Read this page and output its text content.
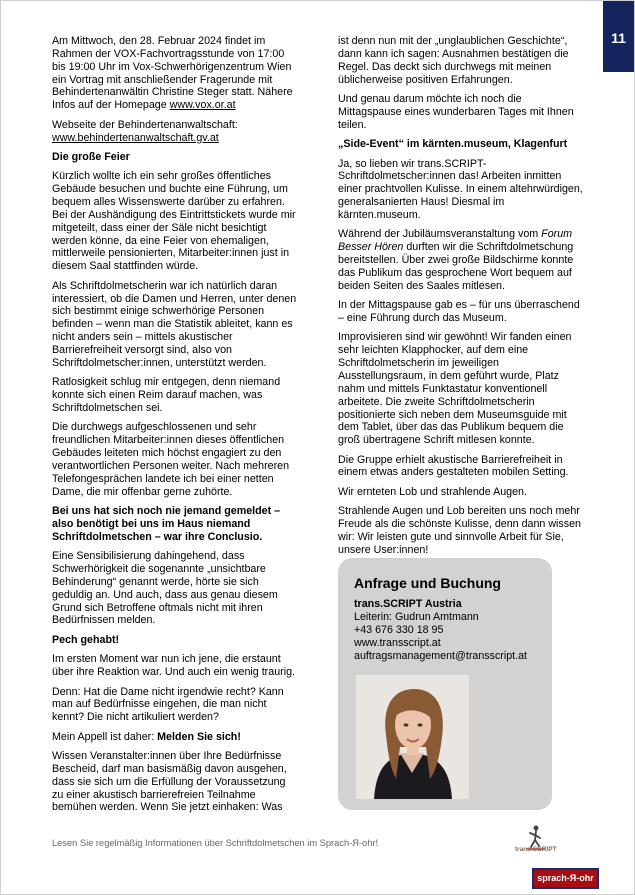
11

Am Mittwoch, den 28. Februar 2024 findet im Rahmen der VOX-Fachvortragsstunde von 17:00 bis 19:00 Uhr im Vox-Schwerhörigenzentrum Wien ein Vortrag mit anschließender Fragerunde mit Behindertenanwältin Christine Steger statt. Nähere Infos auf der Homepage www.vox.or.at

Webseite der Behindertenanwaltschaft: www.behindertenanwaltschaft.gv.at

Die große Feier

Kürzlich wollte ich ein sehr großes öffentliches Gebäude besuchen und buchte eine Führung, um bequem alles Wissenswerte darüber zu erfahren. Bei der Aushändigung des Eintrittstickets wurde mir mitgeteilt, dass einer der Säle nicht besichtigt werden könne, da eine Feier von ehemaligen, mittlerweile pensionierten, Mitarbeiter:innen just in diesem Saal stattfinden würde.

Als Schriftdolmetscherin war ich natürlich daran interessiert, ob die Damen und Herren, unter denen sich bestimmt einige schwerhörige Personen befinden – wenn man die Statistik ableitet, kann es nicht anders sein – mittels akustischer Barrierefreiheit versorgt sind, also von Schriftdolmetscher:innen, unterstützt werden.

Ratlosigkeit schlug mir entgegen, denn niemand konnte sich einen Reim darauf machen, was Schriftdolmetschen sei.

Die durchwegs aufgeschlossenen und sehr freundlichen Mitarbeiter:innen dieses öffentlichen Gebäudes leiteten mich höchst engagiert zu den verantwortlichen Personen weiter. Nach mehreren Telefongesprächen landete ich bei einer netten Dame, die mir offenbar gerne zuhörte.

Bei uns hat sich noch nie jemand gemeldet – also benötigt bei uns im Haus niemand Schriftdolmetschen – war ihre Conclusio.

Eine Sensibilisierung dahingehend, dass Schwerhörigkeit die sogenannte „unsichtbare Behinderung“ genannt werde, hörte sie sich geduldig an. Und auch, dass aus genau diesem Grund sich Betroffene oftmals nicht mit ihren Bedürfnissen melden.

Pech gehabt!

Im ersten Moment war nun ich jene, die erstaunt über ihre Reaktion war. Und auch ein wenig traurig.

Denn: Hat die Dame nicht irgendwie recht? Kann man auf Bedürfnisse eingehen, die man nicht kennt? Die nicht artikuliert werden?

Mein Appell ist daher: Melden Sie sich!

Wissen Veranstalter:innen über Ihre Bedürfnisse Bescheid, darf man basismäßig davon ausgehen, dass sie sich um die Erfüllung der Voraussetzung zu einer akustisch barrierefreien Teilnahme bemühen werden. Wenn Sie jetzt einhaken: Was

ist denn nun mit der „unglaublichen Geschichte“, dann kann ich sagen: Ausnahmen bestätigen die Regel. Das deckt sich durchwegs mit meinen üblicherweise positiven Erfahrungen.

Und genau darum möchte ich noch die Mittagspause eines wunderbaren Tages mit Ihnen teilen.

„Side-Event“ im kärnten.museum, Klagenfurt

Ja, so lieben wir trans.SCRIPT-Schriftdolmetscher:innen das! Arbeiten inmitten einer prachtvollen Kulisse. In einem altehrwürdigen, generalsanierten Haus! Diesmal im kärnten.museum.

Während der Jubiläumsveranstaltung vom Forum Besser Hören durften wir die Schriftdolmetschung bereitstellen. Über zwei große Bildschirme konnte das Publikum das gesprochene Wort bequem auf beiden Seiten des Saales mitlesen.

In der Mittagspause gab es – für uns überraschend – eine Führung durch das Museum.

Improvisieren sind wir gewöhnt! Wir fanden einen sehr leichten Klapphocker, auf dem eine Schriftdolmetscherin im jeweiligen Ausstellungsraum, in dem geführt wurde, Platz nahm und mittels Funktastatur konventionell arbeitete. Die zweite Schriftdolmetscherin positionierte sich neben dem Museumsguide mit dem Tablet, über das das Publikum bequem die groß übertragene Schrift mitlesen konnte.

Die Gruppe erhielt akustische Barrierefreiheit in einem etwas anders gestalteten mobilen Setting.

Wir ernteten Lob und strahlende Augen.

Strahlende Augen und Lob bereiten uns noch mehr Freude als die schönste Kulisse, denn dann wissen wir: Wir leisten gute und sinnvolle Arbeit für Sie, unsere User:innen!

Anfrage und Buchung
trans.SCRIPT Austria
Leiterin: Gudrun Amtmann
+43 676 330 18 95
www.transscript.at
auftragsmanagement@transscript.at
Lesen Sie regelmäßig Informationen über Schriftdolmetschen im Sprach-Я-ohr!
trans.SCRIPT
sprach-Я-ohr
